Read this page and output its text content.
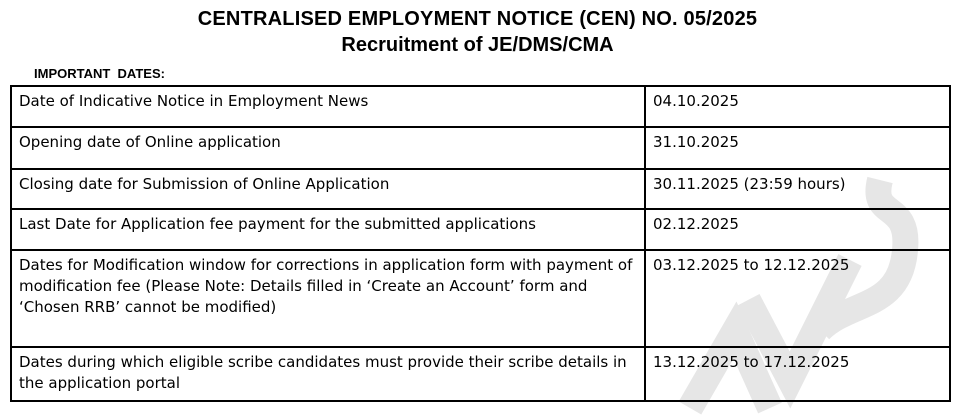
CENTRALISED EMPLOYMENT NOTICE (CEN) NO. 05/2025
Recruitment of JE/DMS/CMA
IMPORTANT  DATES:
Date of Indicative Notice in Employment News	04.10.2025
Opening date of Online application	31.10.2025
Closing date for Submission of Online Application	30.11.2025 (23:59 hours)
Last Date for Application fee payment for the submitted applications	02.12.2025
Dates for Modification window for corrections in application form with payment of modification fee (Please Note: Details filled in ‘Create an Account’ form and ‘Chosen RRB’ cannot be modified)	03.12.2025 to 12.12.2025
Dates during which eligible scribe candidates must provide their scribe details in the application portal	13.12.2025 to 17.12.2025
